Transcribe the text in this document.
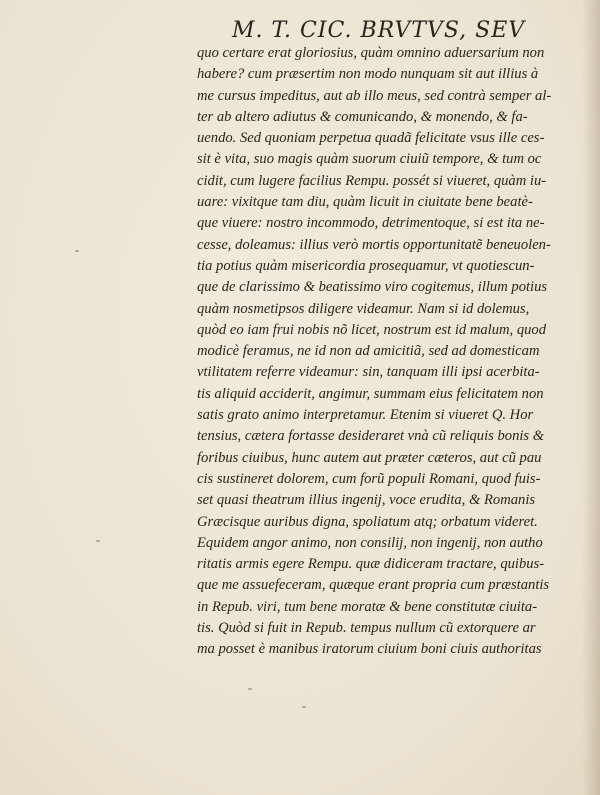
M. T. CIC. BRVTVS, SEV
quo certare erat gloriosius, quàm omnino aduersarium non
habere? cum præsertim non modo nunquam sit aut illius à
me cursus impeditus, aut ab illo meus, sed contrà semper al-
ter ab altero adiutus & comunicando, & monendo, & fa-
uendo. Sed quoniam perpetua quadã felicitate vsus ille ces-
sit è vita, suo magis quàm suorum ciuiũ tempore, & tum oc
cidit, cum lugere facilius Rempu. possét si viueret, quàm iu-
uare: vixitque tam diu, quàm licuit in ciuitate bene beatè-
que viuere: nostro incommodo, detrimentoque, si est ita ne-
cesse, doleamus: illius verò mortis opportunitatẽ beneuolen-
tia potius quàm misericordia prosequamur, vt quotiescun-
que de clarissimo & beatissimo viro cogitemus, illum potius
quàm nosmetipsos diligere videamur. Nam si id dolemus,
quòd eo iam frui nobis nõ licet, nostrum est id malum, quod
modicè feramus, ne id non ad amicitiã, sed ad domesticam
vtilitatem referre videamur: sin, tanquam illi ipsi acerbita-
tis aliquid acciderit, angimur, summam eius felicitatem non
satis grato animo interpretamur. Etenim si viueret Q. Hor
tensius, cætera fortasse desideraret vnà cũ reliquis bonis &
foribus ciuibus, hunc autem aut præter cæteros, aut cũ pau
cis sustineret dolorem, cum forũ populi Romani, quod fuis-
set quasi theatrum illius ingenij, voce erudita, & Romanis
Græcisque auribus digna, spoliatum atq; orbatum videret.
Equidem angor animo, non consilij, non ingenij, non autho
ritatis armis egere Rempu. quæ didiceram tractare, quibus-
que me assuefeceram, quæque erant propria cum præstantis
in Repub. viri, tum bene moratæ & bene constitutæ ciuita-
tis. Quòd si fuit in Repub. tempus nullum cũ extorquere ar
ma posset è manibus iratorum ciuium boni ciuis authoritas
